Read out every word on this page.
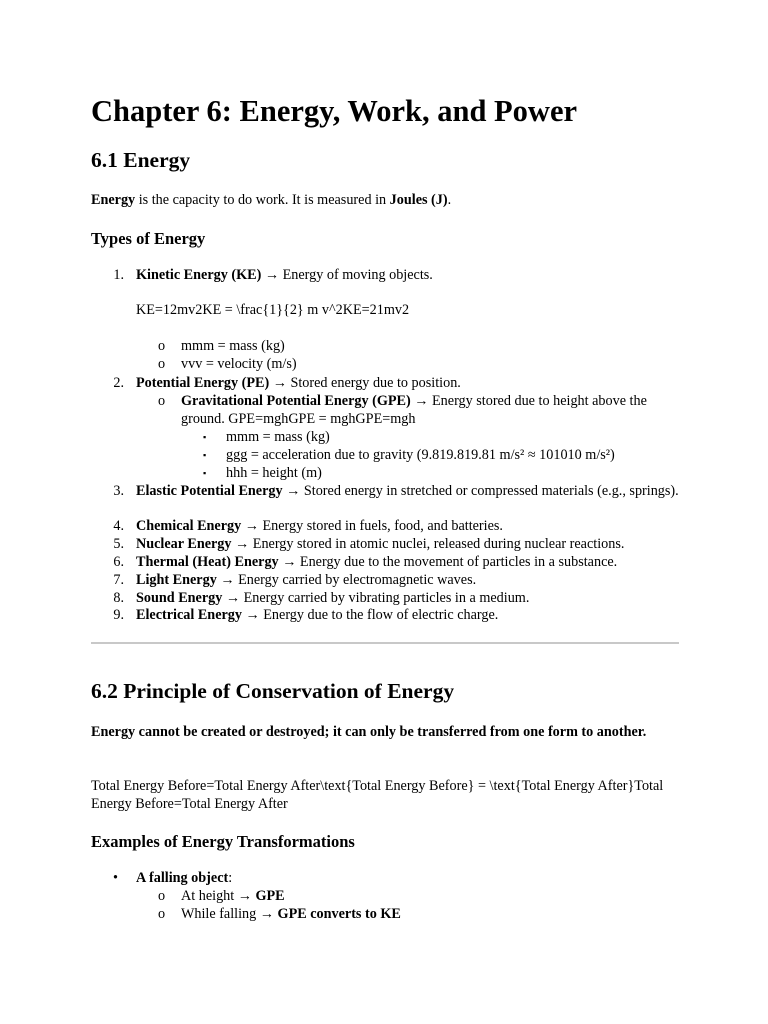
Chapter 6: Energy, Work, and Power
6.1 Energy

Energy is the capacity to do work. It is measured in Joules (J).

Types of Energy
1. Kinetic Energy (KE) → Energy of moving objects.
KE=12mv2KE = \frac{1}{2} m v^2KE=21mv2
o mmm = mass (kg)
o vvv = velocity (m/s)
2. Potential Energy (PE) → Stored energy due to position.
o Gravitational Potential Energy (GPE) → Energy stored due to height above the ground. GPE=mghGPE = mghGPE=mgh
▪ mmm = mass (kg)
▪ ggg = acceleration due to gravity (9.819.819.81 m/s² ≈ 101010 m/s²)
▪ hhh = height (m)
3. Elastic Potential Energy → Stored energy in stretched or compressed materials (e.g., springs).
4. Chemical Energy → Energy stored in fuels, food, and batteries.
5. Nuclear Energy → Energy stored in atomic nuclei, released during nuclear reactions.
6. Thermal (Heat) Energy → Energy due to the movement of particles in a substance.
7. Light Energy → Energy carried by electromagnetic waves.
8. Sound Energy → Energy carried by vibrating particles in a medium.
9. Electrical Energy → Energy due to the flow of electric charge.
6.2 Principle of Conservation of Energy

Energy cannot be created or destroyed; it can only be transferred from one form to another.

Total Energy Before=Total Energy After\text{Total Energy Before} = \text{Total Energy After}Total Energy Before=Total Energy After

Examples of Energy Transformations
• A falling object:
o At height → GPE
o While falling → GPE converts to KE
